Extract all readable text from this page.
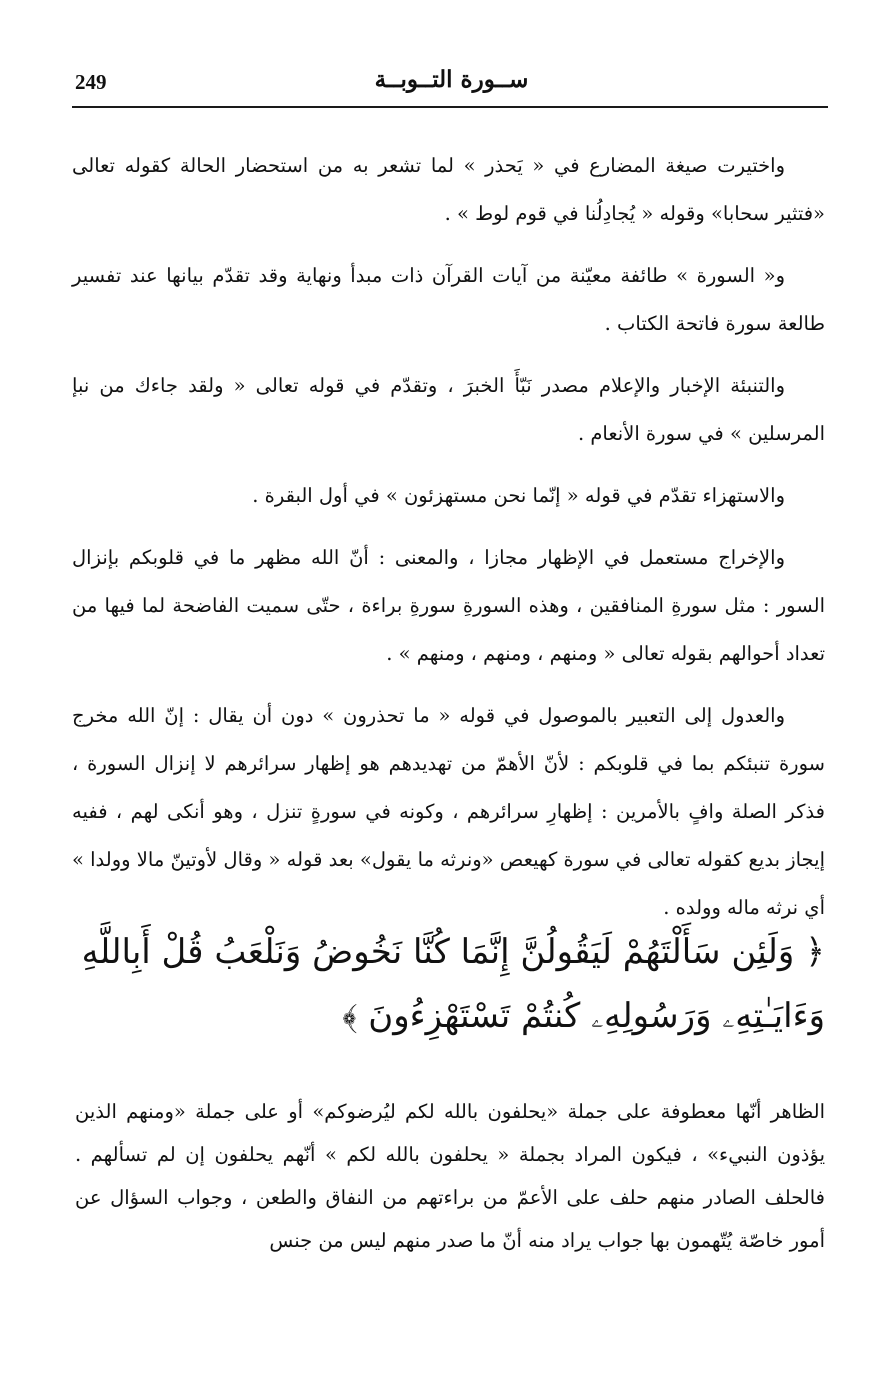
249	ســورة التــوبــة

واختيرت صيغة المضارع في « يَحذر » لما تشعر به من استحضار الحالة كقوله تعالى «فتثير سحابا» وقوله « يُجادِلُنا في قوم لوط » .

و« السورة » طائفة معيّنة من آيات القرآن ذات مبدأ ونهاية وقد تقدّم بيانها عند تفسير طالعة سورة فاتحة الكتاب .

والتنبئة الإخبار والإعلام مصدر نَبّأَ الخبرَ ، وتقدّم في قوله تعالى « ولقد جاءك من نبإ المرسلين » في سورة الأنعام .

والاستهزاء تقدّم في قوله « إنّما نحن مستهزئون » في أول البقرة .

والإخراج مستعمل في الإظهار مجازا ، والمعنى : أنّ الله مظهر ما في قلوبكم بإنزال السور : مثل سورةِ المنافقين ، وهذه السورةِ سورةِ براءة ، حتّى سميت الفاضحة لما فيها من تعداد أحوالهم بقوله تعالى « ومنهم ، ومنهم ، ومنهم » .

والعدول إلى التعبير بالموصول في قوله « ما تحذرون » دون أن يقال : إنّ الله مخرج سورة تنبئكم بما في قلوبكم : لأنّ الأهمّ من تهديدهم هو إظهار سرائرهم لا إنزال السورة ، فذكر الصلة وافٍ بالأمرين : إظهارِ سرائرهم ، وكونه في سورةٍ تنزل ، وهو أنكى لهم ، ففيه إيجاز بديع كقوله تعالى في سورة كهيعص «ونرثه ما يقول» بعد قوله « وقال لأوتينّ مالا وولدا » أي نرثه ماله وولده .

﴿ وَلَئِن سَأَلْتَهُمْ لَيَقُولُنَّ إِنَّمَا كُنَّا نَخُوضُ وَنَلْعَبُ قُلْ أَبِاللَّهِ
وَءَايَـٰتِهِۦ وَرَسُولِهِۦ كُنتُمْ تَسْتَهْزِءُونَ ﴾
الظاهر أنّها معطوفة على جملة «يحلفون بالله لكم ليُرضوكم» أو على جملة «ومنهم الذين يؤذون النبيء» ، فيكون المراد بجملة « يحلفون بالله لكم » أنّهم يحلفون إن لم تسألهم . فالحلف الصادر منهم حلف على الأعمّ من براءتهم من النفاق والطعن ، وجواب السؤال عن أمور خاصّة يُتّهمون بها جواب يراد منه أنّ ما صدر منهم ليس من جنس
